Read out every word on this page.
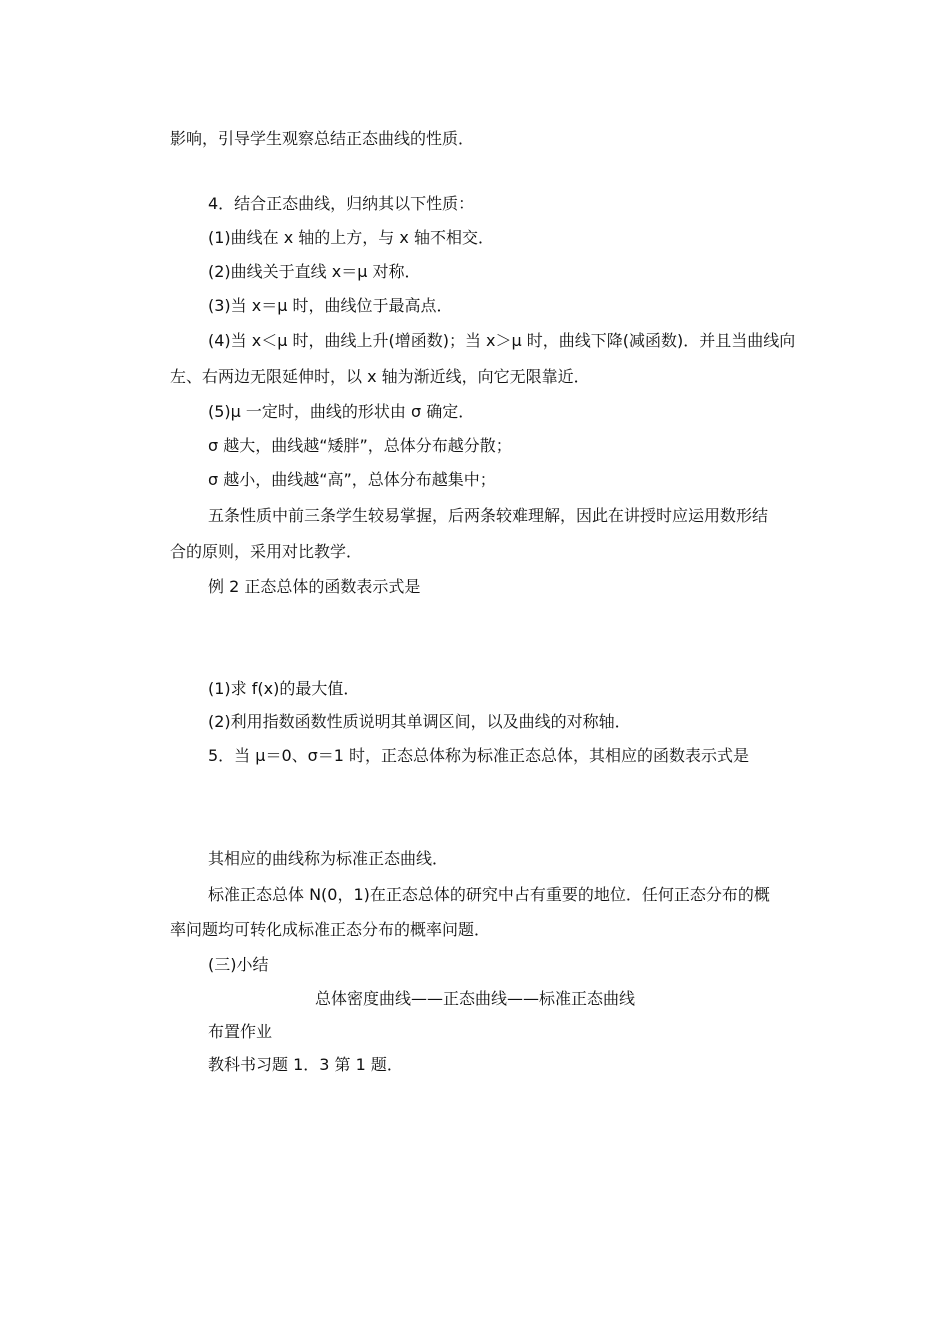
影响，引导学生观察总结正态曲线的性质．
4．结合正态曲线，归纳其以下性质：
(1)曲线在 x 轴的上方，与 x 轴不相交．
(2)曲线关于直线 x＝μ 对称．
(3)当 x＝μ 时，曲线位于最高点．
(4)当 x＜μ 时，曲线上升(增函数)；当 x＞μ 时，曲线下降(减函数)．并且当曲线向
左、右两边无限延伸时，以 x 轴为渐近线，向它无限靠近．
(5)μ 一定时，曲线的形状由 σ 确定．
σ 越大，曲线越“矮胖”，总体分布越分散；
σ 越小，曲线越“高”，总体分布越集中；
五条性质中前三条学生较易掌握，后两条较难理解，因此在讲授时应运用数形结
合的原则，采用对比教学．
例 2 正态总体的函数表示式是
(1)求 f(x)的最大值．
(2)利用指数函数性质说明其单调区间，以及曲线的对称轴．
5．当 μ＝0、σ＝1 时，正态总体称为标准正态总体，其相应的函数表示式是
其相应的曲线称为标准正态曲线．
标准正态总体 N(0，1)在正态总体的研究中占有重要的地位．任何正态分布的概
率问题均可转化成标准正态分布的概率问题．
(三)小结
总体密度曲线——正态曲线——标准正态曲线
布置作业
教科书习题 1．3 第 1 题．
